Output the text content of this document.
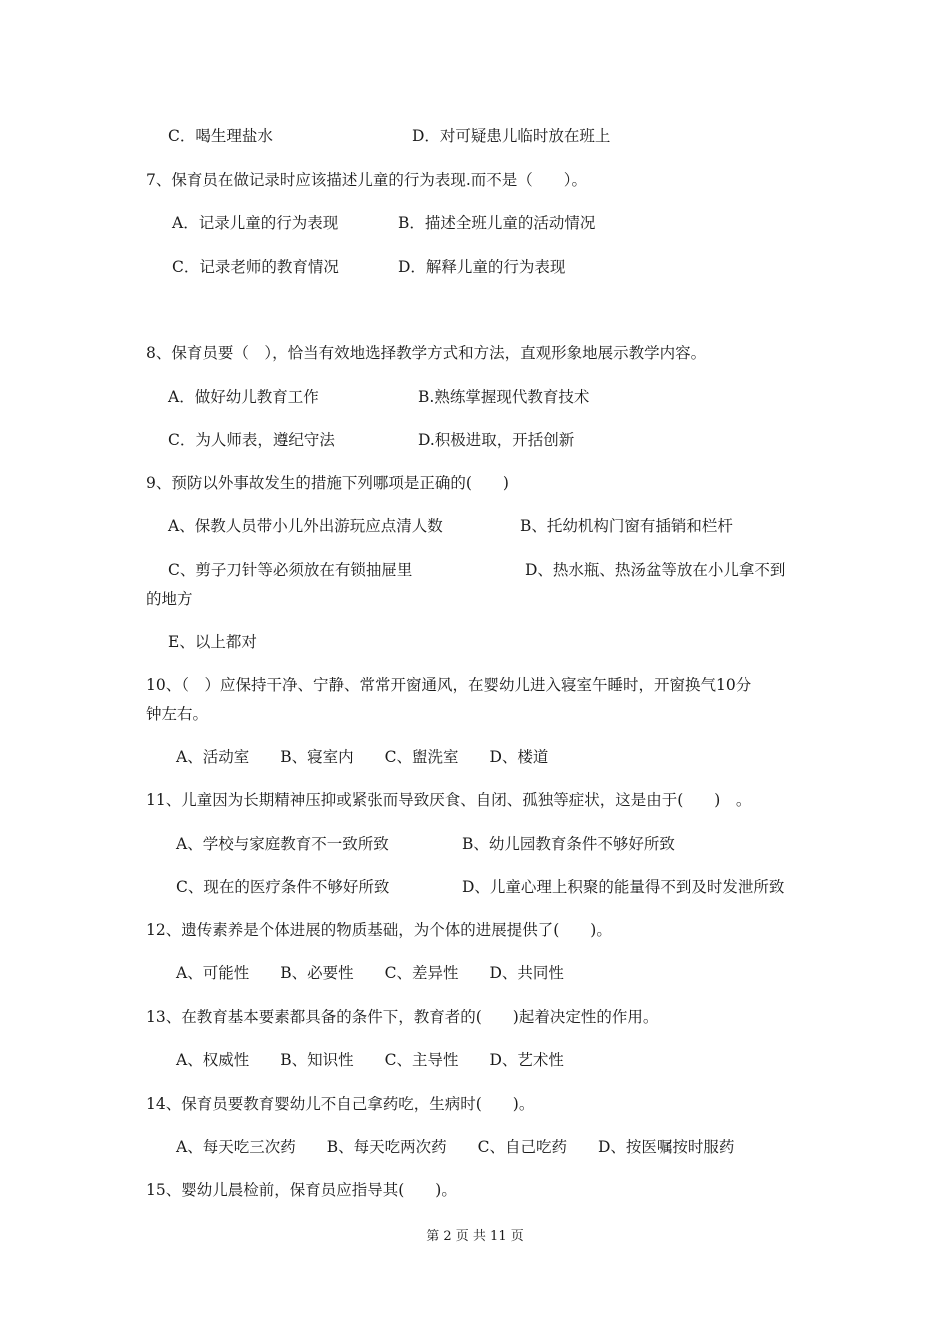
C．喝生理盐水	D．对可疑患儿临时放在班上
7、保育员在做记录时应该描述儿童的行为表现.而不是（　　）。
A．记录儿童的行为表现	B．描述全班儿童的活动情况
C．记录老师的教育情况	D．解释儿童的行为表现
8、保育员要（　），恰当有效地选择教学方式和方法，直观形象地展示教学内容。
A．做好幼儿教育工作	B.熟练掌握现代教育技术
C．为人师表，遵纪守法	D.积极进取，开括创新
9、预防以外事故发生的措施下列哪项是正确的(　　)
A、保教人员带小儿外出游玩应点清人数	B、托幼机构门窗有插销和栏杆
C、剪子刀针等必须放在有锁抽屉里	D、热水瓶、热汤盆等放在小儿拿不到
的地方
E、以上都对
10、（　）应保持干净、宁静、常常开窗通风，在婴幼儿进入寝室午睡时，开窗换气10分
钟左右。
A、活动室　　B、寝室内　　C、盥洗室　　D、楼道
11、儿童因为长期精神压抑或紧张而导致厌食、自闭、孤独等症状，这是由于(　　)　。
A、学校与家庭教育不一致所致	B、幼儿园教育条件不够好所致
C、现在的医疗条件不够好所致	D、儿童心理上积聚的能量得不到及时发泄所致
12、遗传素养是个体进展的物质基础，为个体的进展提供了(　　)。
A、可能性　　B、必要性　　C、差异性　　D、共同性
13、在教育基本要素都具备的条件下，教育者的(　　)起着决定性的作用。
A、权威性　　B、知识性　　C、主导性　　D、艺术性
14、保育员要教育婴幼儿不自己拿药吃，生病时(　　)。
A、每天吃三次药　　B、每天吃两次药　　C、自己吃药　　D、按医嘱按时服药
15、婴幼儿晨检前，保育员应指导其(　　)。
第 2 页 共 11 页
